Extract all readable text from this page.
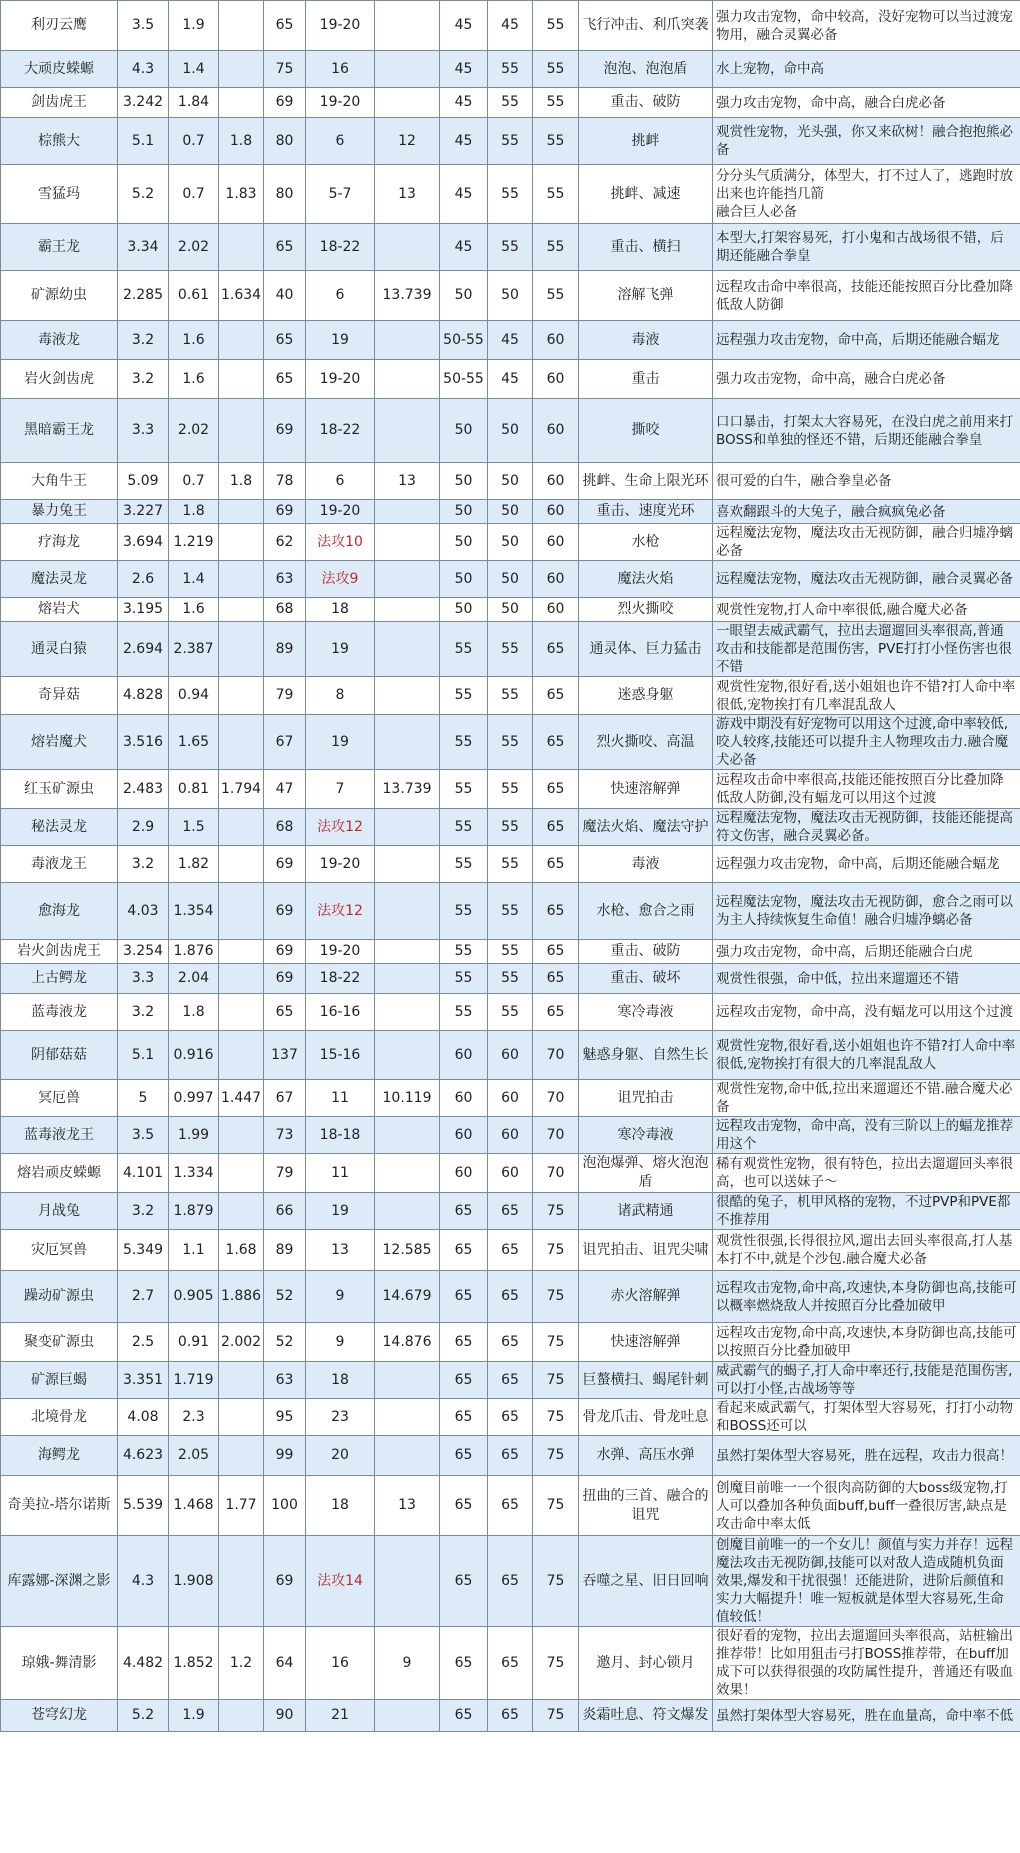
利刃云鹰	3.5	1.9		65	19-20		45	45	55	飞行冲击、利爪突袭	强力攻击宠物，命中较高，没好宠物可以当过渡宠物用，融合灵翼必备
大顽皮蝾螈	4.3	1.4		75	16		45	55	55	泡泡、泡泡盾	水上宠物，命中高
剑齿虎王	3.242	1.84		69	19-20		45	55	55	重击、破防	强力攻击宠物，命中高，融合白虎必备
棕熊大	5.1	0.7	1.8	80	6	12	45	55	55	挑衅	观赏性宠物，光头强，你又来砍树！融合抱抱熊必备
雪猛玛	5.2	0.7	1.83	80	5-7	13	45	55	55	挑衅、减速	分分头气质满分，体型大，打不过人了，逃跑时放出来也许能挡几箭
融合巨人必备
霸王龙	3.34	2.02		65	18-22		45	55	55	重击、横扫	本型大,打架容易死，打小鬼和古战场很不错，后期还能融合拳皇
矿源幼虫	2.285	0.61	1.634	40	6	13.739	50	50	55	溶解飞弹	远程攻击命中率很高，技能还能按照百分比叠加降低敌人防御
毒液龙	3.2	1.6		65	19		50-55	45	60	毒液	远程强力攻击宠物，命中高，后期还能融合蝠龙
岩火剑齿虎	3.2	1.6		65	19-20		50-55	45	60	重击	强力攻击宠物，命中高，融合白虎必备
黑暗霸王龙	3.3	2.02		69	18-22		50	50	60	撕咬	口口暴击，打架太大容易死，在没白虎之前用来打BOSS和单独的怪还不错，后期还能融合拳皇
大角牛王	5.09	0.7	1.8	78	6	13	50	50	60	挑衅、生命上限光环	很可爱的白牛，融合拳皇必备
暴力兔王	3.227	1.8		69	19-20		50	50	60	重击、速度光环	喜欢翻跟斗的大兔子，融合疯疯兔必备
疗海龙	3.694	1.219		62	法攻10		50	50	60	水枪	远程魔法宠物，魔法攻击无视防御，融合归墟净螭必备
魔法灵龙	2.6	1.4		63	法攻9		50	50	60	魔法火焰	远程魔法宠物，魔法攻击无视防御，融合灵翼必备
熔岩犬	3.195	1.6		68	18		50	50	60	烈火撕咬	观赏性宠物,打人命中率很低,融合魔犬必备
通灵白猿	2.694	2.387		89	19		55	55	65	通灵体、巨力猛击	一眼望去威武霸气，拉出去遛遛回头率很高,普通攻击和技能都是范围伤害，PVE打打小怪伤害也很不错
奇异菇	4.828	0.94		79	8		55	55	65	迷惑身躯	观赏性宠物,很好看,送小姐姐也许不错?打人命中率很低,宠物挨打有几率混乱敌人
熔岩魔犬	3.516	1.65		67	19		55	55	65	烈火撕咬、高温	游戏中期没有好宠物可以用这个过渡,命中率较低,咬人较疼,技能还可以提升主人物理攻击力.融合魔犬必备
红玉矿源虫	2.483	0.81	1.794	47	7	13.739	55	55	65	快速溶解弹	远程攻击命中率很高,技能还能按照百分比叠加降低敌人防御,没有蝠龙可以用这个过渡
秘法灵龙	2.9	1.5		68	法攻12		55	55	65	魔法火焰、魔法守护	远程魔法宠物，魔法攻击无视防御，技能还能提高符文伤害，融合灵翼必备。
毒液龙王	3.2	1.82		69	19-20		55	55	65	毒液	远程强力攻击宠物，命中高，后期还能融合蝠龙
愈海龙	4.03	1.354		69	法攻12		55	55	65	水枪、愈合之雨	远程魔法宠物，魔法攻击无视防御，愈合之雨可以为主人持续恢复生命值！融合归墟净螭必备
岩火剑齿虎王	3.254	1.876		69	19-20		55	55	65	重击、破防	强力攻击宠物，命中高，后期还能融合白虎
上古鳄龙	3.3	2.04		69	18-22		55	55	65	重击、破坏	观赏性很强，命中低，拉出来遛遛还不错
蓝毒液龙	3.2	1.8		65	16-16		55	55	65	寒冷毒液	远程攻击宠物，命中高，没有蝠龙可以用这个过渡
阴郁菇菇	5.1	0.916		137	15-16		60	60	70	魅惑身躯、自然生长	观赏性宠物,很好看,送小姐姐也许不错?打人命中率很低,宠物挨打有很大的几率混乱敌人
冥厄兽	5	0.997	1.447	67	11	10.119	60	60	70	诅咒拍击	观赏性宠物,命中低,拉出来遛遛还不错.融合魔犬必备
蓝毒液龙王	3.5	1.99		73	18-18		60	60	70	寒冷毒液	远程攻击宠物，命中高，没有三阶以上的蝠龙推荐用这个
熔岩顽皮蝾螈	4.101	1.334		79	11		60	60	70	泡泡爆弹、熔火泡泡盾	稀有观赏性宠物，很有特色，拉出去遛遛回头率很高，也可以送妹子～
月战兔	3.2	1.879		66	19		65	65	75	诸武精通	很酷的兔子，机甲风格的宠物，不过PVP和PVE都不推荐用
灾厄冥兽	5.349	1.1	1.68	89	13	12.585	65	65	75	诅咒拍击、诅咒尖啸	观赏性很强,长得很拉风,遛出去回头率很高,打人基本打不中,就是个沙包.融合魔犬必备
躁动矿源虫	2.7	0.905	1.886	52	9	14.679	65	65	75	赤火溶解弹	远程攻击宠物,命中高,攻速快,本身防御也高,技能可以概率燃烧敌人并按照百分比叠加破甲
聚变矿源虫	2.5	0.91	2.002	52	9	14.876	65	65	75	快速溶解弹	远程攻击宠物,命中高,攻速快,本身防御也高,技能可以按照百分比叠加破甲
矿源巨蝎	3.351	1.719		63	18		65	65	75	巨螯横扫、蝎尾针刺	威武霸气的蝎子,打人命中率还行,技能是范围伤害,可以打小怪,古战场等等
北境骨龙	4.08	2.3		95	23		65	65	75	骨龙爪击、骨龙吐息	看起来威武霸气，打架体型大容易死，打打小动物和BOSS还可以
海鳄龙	4.623	2.05		99	20		65	65	75	水弹、高压水弹	虽然打架体型大容易死，胜在远程，攻击力很高！
奇美拉-塔尔诺斯	5.539	1.468	1.77	100	18	13	65	65	75	扭曲的三首、融合的诅咒	创魔目前唯一一个很肉高防御的大boss级宠物,打人可以叠加各种负面buff,buff一叠很厉害,缺点是攻击命中率太低
库露娜-深渊之影	4.3	1.908		69	法攻14		65	65	75	吞噬之星、旧日回响	创魔目前唯一的一个女儿！颜值与实力并存！远程魔法攻击无视防御,技能可以对敌人造成随机负面效果,爆发和干扰很强！还能进阶，进阶后颜值和实力大幅提升！唯一短板就是体型大容易死,生命值较低！
琼娥-舞清影	4.482	1.852	1.2	64	16	9	65	65	75	邀月、封心锁月	很好看的宠物，拉出去遛遛回头率很高，站桩输出推荐带！比如用狙击弓打BOSS推荐带，在buff加成下可以获得很强的攻防属性提升，普通还有吸血效果！
苍穹幻龙	5.2	1.9		90	21		65	65	75	炎霜吐息、符文爆发	虽然打架体型大容易死，胜在血量高，命中率不低
